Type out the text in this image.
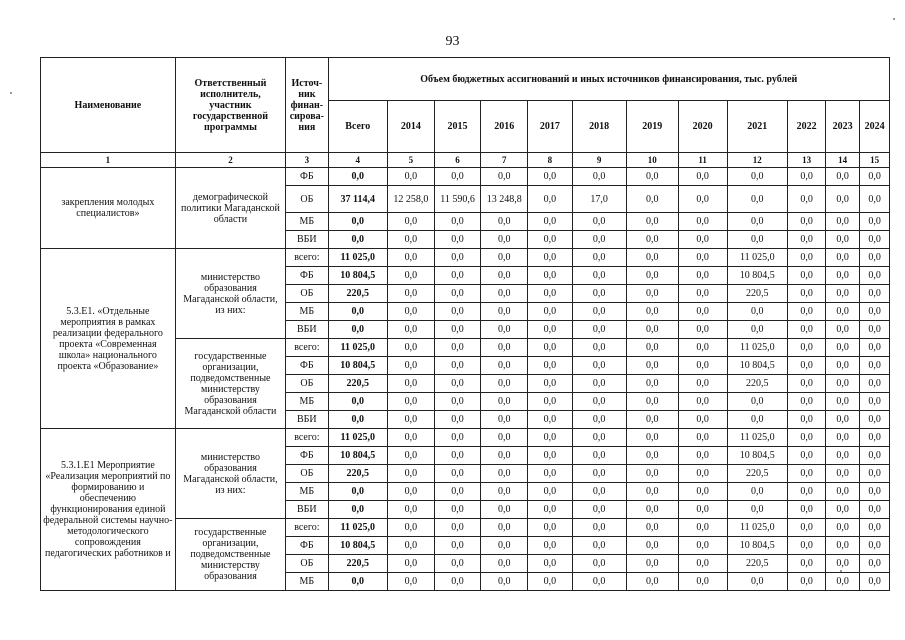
93
Наименование	Ответственный исполнитель, участник государственной программы	Источ-ник финан-сирова-ния	Объем бюджетных ассигнований и иных источников финансирования, тыс. рублей											
			Всего	2014	2015	2016	2017	2018	2019	2020	2021	2022	2023	2024
1	2	3	4	5	6	7	8	9	10	11	12	13	14	15
закрепления молодых специалистов»	демографической политики Магаданской области	ФБ	0,0	0,0	0,0	0,0	0,0	0,0	0,0	0,0	0,0	0,0	0,0	0,0
		ОБ	37 114,4	12 258,0	11 590,6	13 248,8	0,0	17,0	0,0	0,0	0,0	0,0	0,0	0,0
		МБ	0,0	0,0	0,0	0,0	0,0	0,0	0,0	0,0	0,0	0,0	0,0	0,0
		ВБИ	0,0	0,0	0,0	0,0	0,0	0,0	0,0	0,0	0,0	0,0	0,0	0,0
5.3.Е1. «Отдельные мероприятия в рамках реализации федерального проекта «Современная школа» национального проекта «Образование»	министерство образования Магаданской области, из них:	всего:	11 025,0	0,0	0,0	0,0	0,0	0,0	0,0	0,0	11 025,0	0,0	0,0	0,0
		ФБ	10 804,5	0,0	0,0	0,0	0,0	0,0	0,0	0,0	10 804,5	0,0	0,0	0,0
		ОБ	220,5	0,0	0,0	0,0	0,0	0,0	0,0	0,0	220,5	0,0	0,0	0,0
		МБ	0,0	0,0	0,0	0,0	0,0	0,0	0,0	0,0	0,0	0,0	0,0	0,0
		ВБИ	0,0	0,0	0,0	0,0	0,0	0,0	0,0	0,0	0,0	0,0	0,0	0,0
	государственные организации, подведомственные министерству образования Магаданской области	всего:	11 025,0	0,0	0,0	0,0	0,0	0,0	0,0	0,0	11 025,0	0,0	0,0	0,0
		ФБ	10 804,5	0,0	0,0	0,0	0,0	0,0	0,0	0,0	10 804,5	0,0	0,0	0,0
		ОБ	220,5	0,0	0,0	0,0	0,0	0,0	0,0	0,0	220,5	0,0	0,0	0,0
		МБ	0,0	0,0	0,0	0,0	0,0	0,0	0,0	0,0	0,0	0,0	0,0	0,0
		ВБИ	0,0	0,0	0,0	0,0	0,0	0,0	0,0	0,0	0,0	0,0	0,0	0,0
5.3.1.Е1 Мероприятие «Реализация мероприятий по формированию и обеспечению функционирования единой федеральной системы научно-методологического сопровождения педагогических работников и	министерство образования Магаданской области, из них:	всего:	11 025,0	0,0	0,0	0,0	0,0	0,0	0,0	0,0	11 025,0	0,0	0,0	0,0
		ФБ	10 804,5	0,0	0,0	0,0	0,0	0,0	0,0	0,0	10 804,5	0,0	0,0	0,0
		ОБ	220,5	0,0	0,0	0,0	0,0	0,0	0,0	0,0	220,5	0,0	0,0	0,0
		МБ	0,0	0,0	0,0	0,0	0,0	0,0	0,0	0,0	0,0	0,0	0,0	0,0
		ВБИ	0,0	0,0	0,0	0,0	0,0	0,0	0,0	0,0	0,0	0,0	0,0	0,0
	государственные организации, подведомственные министерству образования	всего:	11 025,0	0,0	0,0	0,0	0,0	0,0	0,0	0,0	11 025,0	0,0	0,0	0,0
		ФБ	10 804,5	0,0	0,0	0,0	0,0	0,0	0,0	0,0	10 804,5	0,0	0,0	0,0
		ОБ	220,5	0,0	0,0	0,0	0,0	0,0	0,0	0,0	220,5	0,0	0,0	0,0
		МБ	0,0	0,0	0,0	0,0	0,0	0,0	0,0	0,0	0,0	0,0	0,0	0,0
